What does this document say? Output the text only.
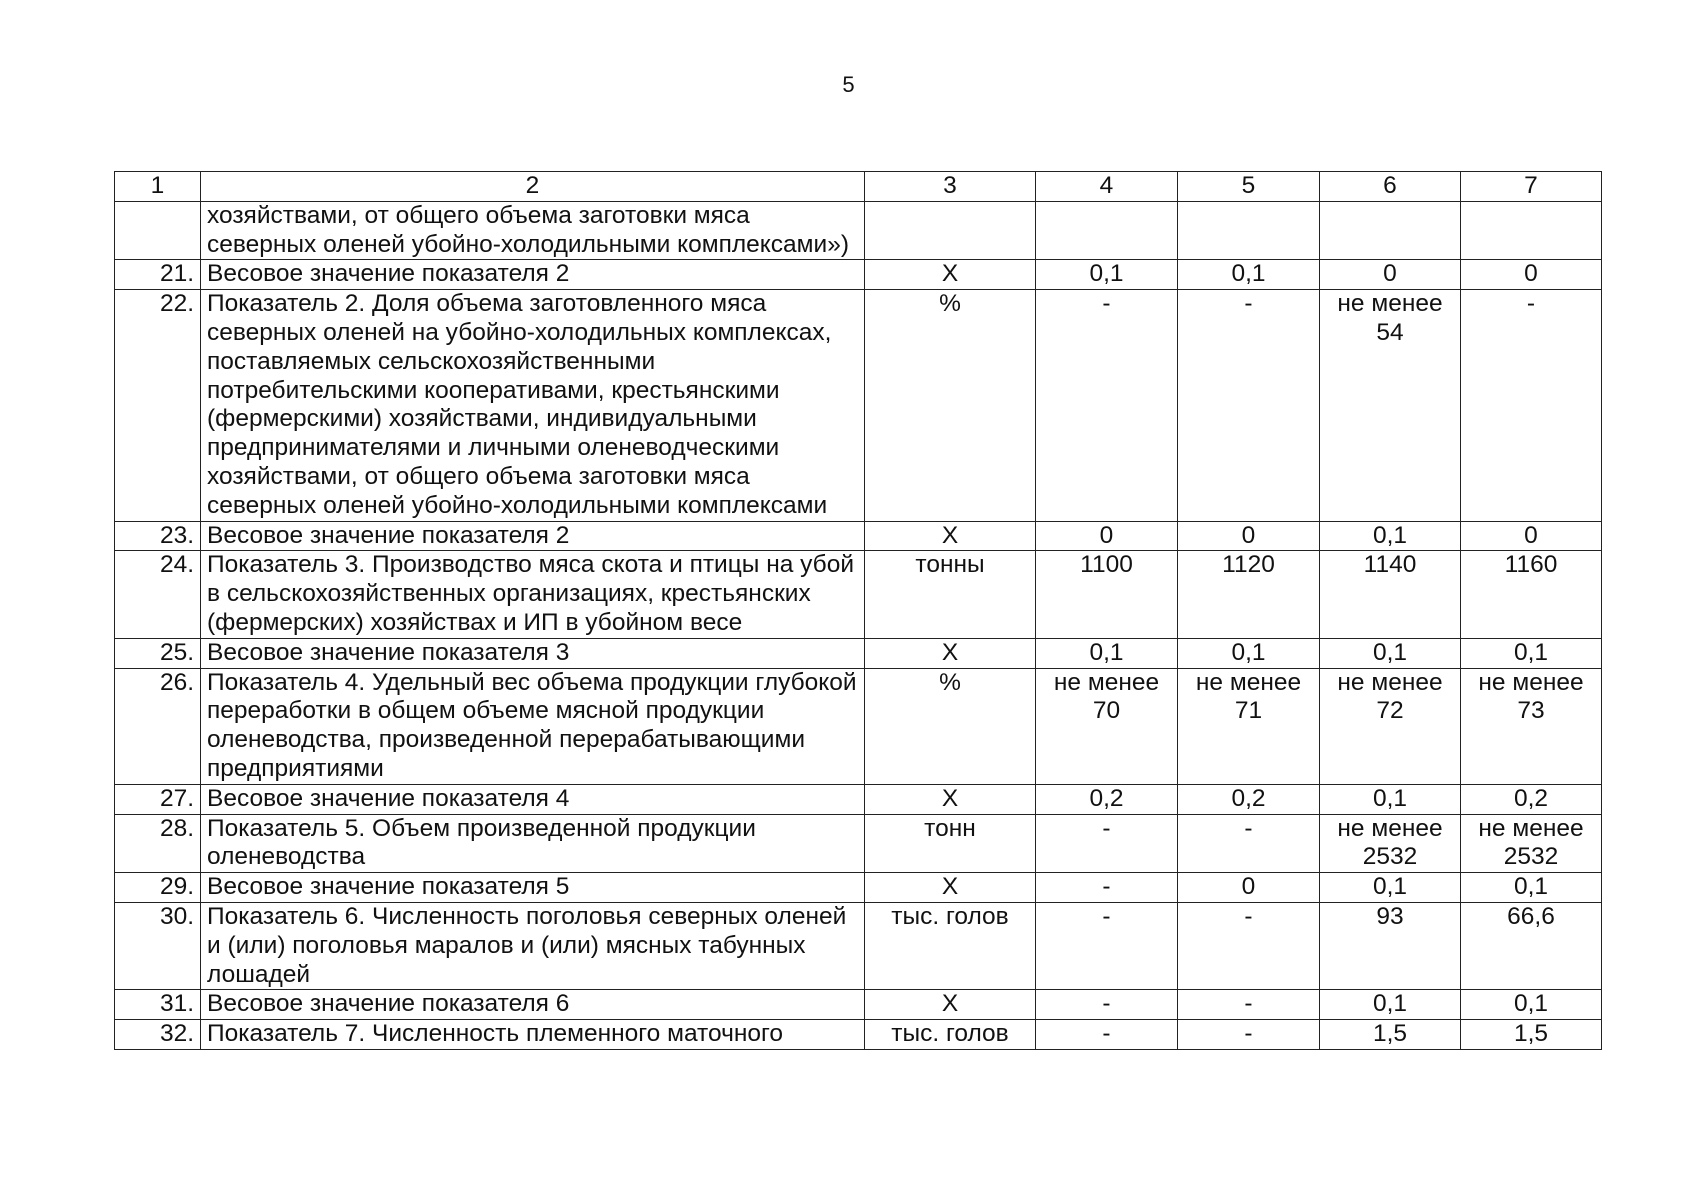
5
1	2	3	4	5	6	7
	хозяйствами, от общего объема заготовки мяса северных оленей убойно-холодильными комплексами»)					
21.	Весовое значение показателя 2	X	0,1	0,1	0	0
22.	Показатель 2. Доля объема заготовленного мяса северных оленей на убойно-холодильных комплексах, поставляемых сельскохозяйственными потребительскими кооперативами, крестьянскими (фермерскими) хозяйствами, индивидуальными предпринимателями и личными оленеводческими хозяйствами, от общего объема заготовки мяса северных оленей убойно-холодильными комплексами	%	-	-	не менее 54	-
23.	Весовое значение показателя 2	X	0	0	0,1	0
24.	Показатель 3. Производство мяса скота и птицы на убой в сельскохозяйственных организациях, крестьянских (фермерских) хозяйствах и ИП в убойном весе	тонны	1100	1120	1140	1160
25.	Весовое значение показателя 3	X	0,1	0,1	0,1	0,1
26.	Показатель 4. Удельный вес объема продукции глубокой переработки в общем объеме мясной продукции оленеводства, произведенной перерабатывающими предприятиями	%	не менее 70	не менее 71	не менее 72	не менее 73
27.	Весовое значение показателя 4	X	0,2	0,2	0,1	0,2
28.	Показатель 5. Объем произведенной продукции оленеводства	тонн	-	-	не менее 2532	не менее 2532
29.	Весовое значение показателя 5	X	-	0	0,1	0,1
30.	Показатель 6. Численность поголовья северных оленей и (или) поголовья маралов и (или) мясных табунных лошадей	тыс. голов	-	-	93	66,6
31.	Весовое значение показателя 6	X	-	-	0,1	0,1
32.	Показатель 7. Численность племенного маточного	тыс. голов	-	-	1,5	1,5
